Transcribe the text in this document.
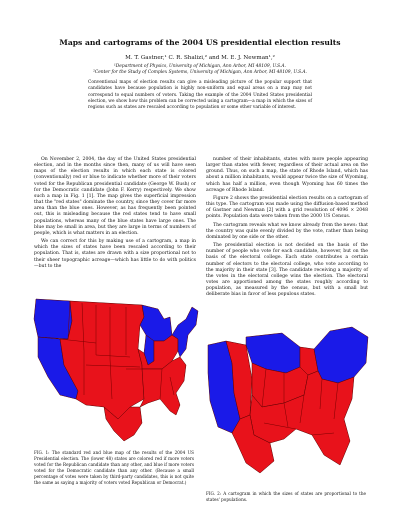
Maps and cartograms of the 2004 US presidential election results
M. T. Gastner,¹ C. R. Shalizi,² and M. E. J. Newman¹,²
¹Department of Physics, University of Michigan, Ann Arbor, MI 48109, U.S.A.
²Center for the Study of Complex Systems, University of Michigan, Ann Arbor, MI 48109, U.S.A.
Conventional maps of election results can give a misleading picture of the popular support that candidates have because population is highly non-uniform and equal areas on a map may not correspond to equal numbers of voters. Taking the example of the 2004 United States presidential election, we show how this problem can be corrected using a cartogram—a map in which the sizes of regions such as states are rescaled according to population or some other variable of interest.

On November 2, 2004, the day of the United States presidential election, and in the months since then, many of us will have seen maps of the election results in which each state is colored (conventionally) red or blue to indicate whether more of their voters voted for the Republican presidential candidate (George W. Bush) or for the Democratic candidate (John F. Kerry) respectively. We show such a map in Fig. 1 [1]. The map gives the superficial impression that the "red states" dominate the country, since they cover far more area than the blue ones. However, as has frequently been pointed out, this is misleading because the red states tend to have small populations, whereas many of the blue states have large ones. The blue may be small in area, but they are large in terms of numbers of people, which is what matters in an election.

We can correct for this by making use of a cartogram, a map in which the sizes of states have been rescaled according to their population. That is, states are drawn with a size proportional not to their sheer topographic acreage—which has little to do with politics—but to the

number of their inhabitants, states with more people appearing larger than states with fewer, regardless of their actual area on the ground. Thus, on such a map, the state of Rhode Island, which has about a million inhabitants, would appear twice the size of Wyoming, which has half a million, even though Wyoming has 60 times the acreage of Rhode Island.

Figure 2 shows the presidential election results on a cartogram of this type. The cartogram was made using the diffusion-based method of Gastner and Newman [2] with a grid resolution of 4096 × 2048 points. Population data were taken from the 2000 US Census.

The cartogram reveals what we know already from the news: that the country was quite evenly divided by the vote, rather than being dominated by one side or the other.

The presidential election is not decided on the basis of the number of people who vote for each candidate, however, but on the basis of the electoral college. Each state contributes a certain number of electors to the electoral college, who vote according to the majority in their state [3]. The candidate receiving a majority of the votes in the electoral college wins the election. The electoral votes are apportioned among the states roughly according to population, as measured by the census, but with a small but deliberate bias in favor of less populous states.

FIG. 1: The standard red and blue map of the results of the 2004 US Presidential election. The (lower 48) states are colored red if more voters voted for the Republican candidate than any other, and blue if more voters voted for the Democratic candidate than any other. (Because a small percentage of votes were taken by third-party candidates, this is not quite the same as saying a majority of voters voted Republican or Democrat.)
FIG. 2: A cartogram in which the sizes of states are proportional to the states' populations.
